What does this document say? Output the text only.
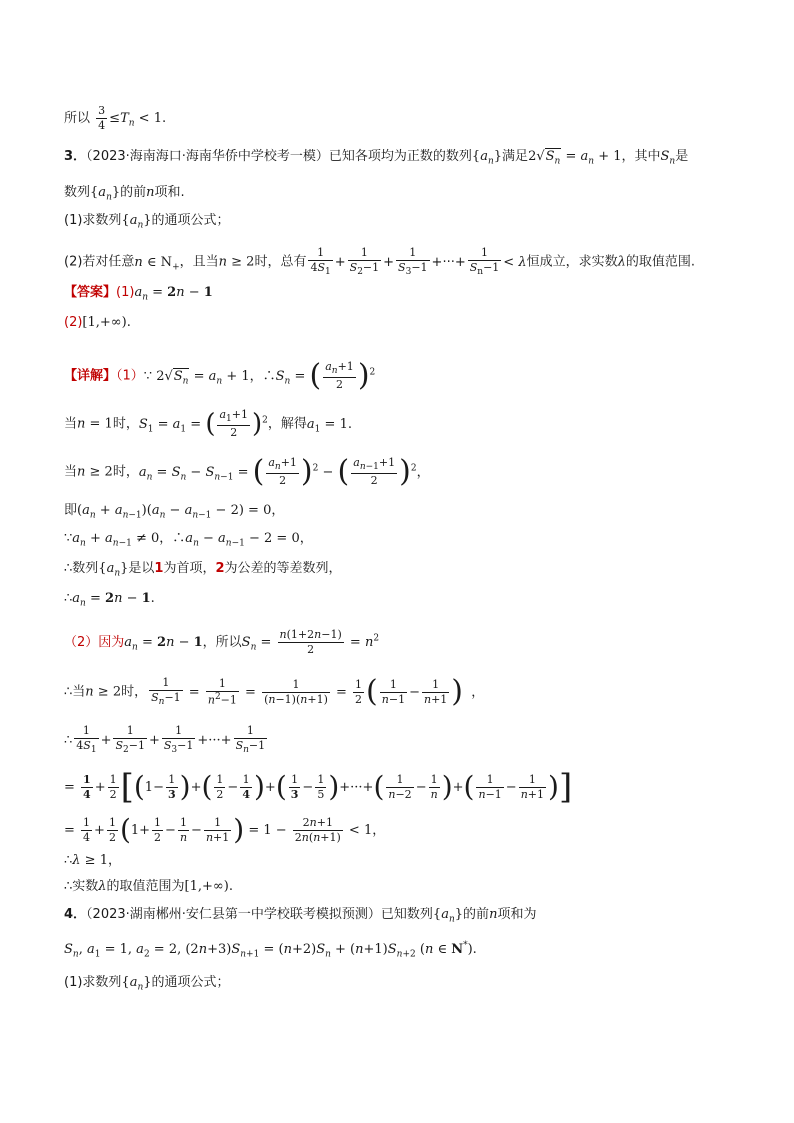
所以 $\frac{3}{4} \le T_n < 1$.
3．（2023·海南海口·海南华侨中学校考一模）已知各项均为正数的数列$\{a_n\}$满足$2√S_n = a_n + 1$，其中$S_n$是
数列$\{a_n\}$的前n项和.
(1)求数列$\{a_n\}$的通项公式；
(2)若对任意n ∈ $N_+$，且当n ≥ 2时，总有 $\frac{1}{4S_1} + \frac{1}{S_2-1} + \frac{1}{S_3-1}$ +···+ $\frac{1}{S_n-1} < \lambda$恒成立，求实数λ的取值范围.
【答案】$(1)a_n = 2n - 1$
(2)[1,+∞).
【详解】（1）∵ $2√S_n = a_n + 1$，$\therefore S_n$ = ( $\frac{a_n+1}{2} )^2$
当n = 1时，$S_1 = a_1$ = ( $\frac{a_1+1}{2} )^2$，解得$a_1 = 1$.
当n ≥ 2时，$a_n = S_n - S_{n-1}$ = ( $\frac{a_n+1}{2} )^2$ − ( $\frac{a_{n-1}+1}{2} )^2$，
即$(a_n + a_{n-1})(a_n - a_{n-1} - 2) = 0$，
$\because a_n + a_{n-1} \ne 0$，$\therefore a_n - a_{n-1} - 2 = 0$，
∴数列$\{a_n\}$是以1为首项，2为公差的等差数列，
$\therefore a_n = 2n - 1$.
（2）因为$a_n = 2n - 1$，所以$S_n = \frac{n(1+2n-1)}{2} = n^2$
∴当n ≥ 2时， $\frac{1}{S_n-1} = \frac{1}{n^2-1} = \frac{1}{(n-1)(n+1)} = \frac{1}{2}$ ( $\frac{1}{n-1} - \frac{1}{n+1}$ )  ，
∴ $\frac{1}{4S_1} + \frac{1}{S_2-1} + \frac{1}{S_3-1}$ +···+ $\frac{1}{S_n-1}$
= $\frac{1}{4} + \frac{1}{2} [(1- \frac{1}{3}$ )+( $\frac{1}{2} - \frac{1}{4}$ )+( $\frac{1}{3} - \frac{1}{5}$ )+···+( $\frac{1}{n-2} - \frac{1}{n}$ )+( $\frac{1}{n-1} - \frac{1}{n+1}$ )]
= $\frac{1}{4} + \frac{1}{2} (1+ \frac{1}{2} - \frac{1}{n} - \frac{1}{n+1}$ ) = $1 - \frac{2n+1}{2n(n+1)} < 1$，
∴λ ≥ 1，
∴实数λ的取值范围为[1,+∞).
4．（2023·湖南郴州·安仁县第一中学校联考模拟预测）已知数列$\{a_n\}$的前n项和为
$S_n$, $a_1 = 1$, $a_2 = 2$, $(2n+3)S_{n+1} = (n+2)S_n + (n+1)S_{n+2}$ (n ∈ N*).
(1)求数列$\{a_n\}$的通项公式；
